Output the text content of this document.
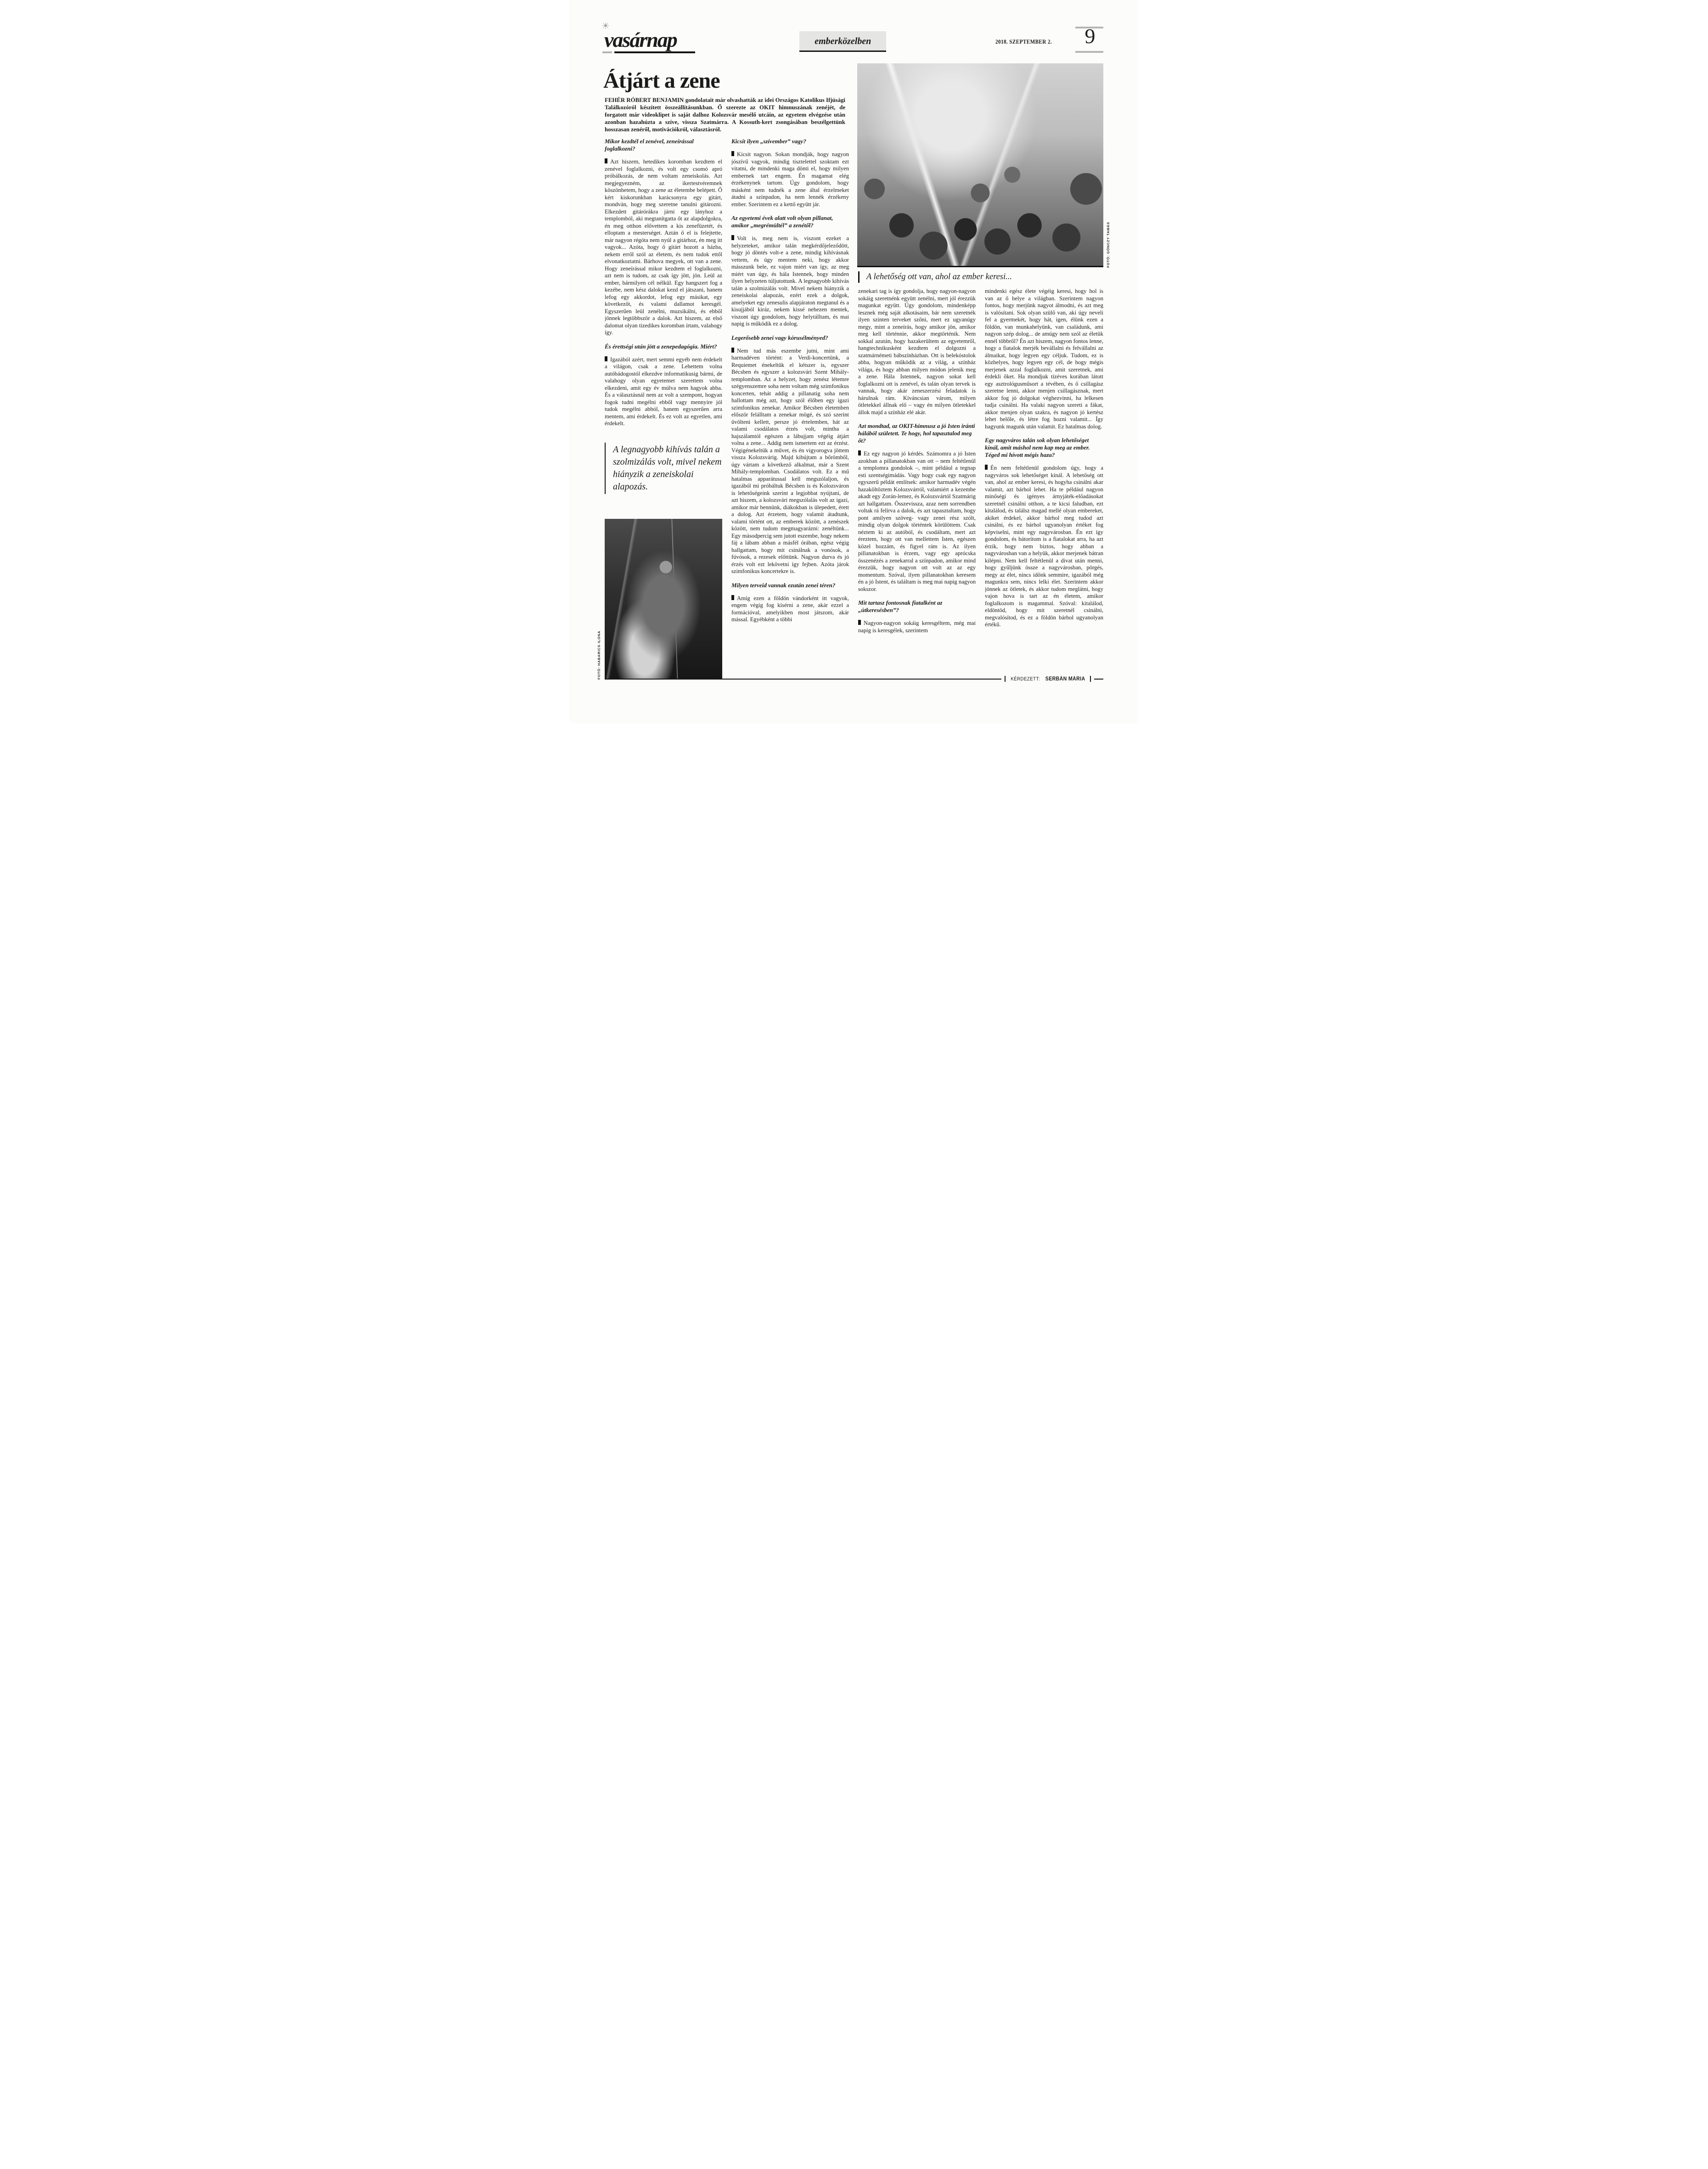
☀
vasárnap	emberközelben	2018. SZEPTEMBER 2.	9
Átjárt a zene

FEHÉR RÓBERT BENJAMIN gondolatait már olvashatták az idei Országos Katolikus Ifjúsági Találkozóról készített összeállításunkban. Ő szerezte az OKIT himnuszának zenéjét, de forgatott már videoklipet is saját dalhoz Kolozsvár mesélő utcáin, az egyetem elvégzése után azonban hazahúzta a szíve, vissza Szatmárra. A Kossuth-kert zsongásában beszélgettünk hosszasan zenéről, motivációkról, választásról.

FOTÓ: GÖNCZY TAMÁS
A lehetőség ott van, ahol az ember keresi...

Mikor kezdtél el zenével, zeneírással foglalkozni?

Azt hiszem, hetedikes koromban kezdtem el zenével foglalkozni, és volt egy csomó apró próbálkozás, de nem voltam zeneiskolás. Azt megjegyezném, az ikertestvéremnek köszönhetem, hogy a zene az életembe belépett. Ő kért kiskorunkban karácsonyra egy gitárt, mondván, hogy meg szeretne tanulni gitározni. Elkezdett gitárórákra járni egy lányhoz a templomból, aki megtanítgatta őt az alapdolgokra, én meg otthon elővettem a kis zenefüzetét, és elloptam a mesterséget. Aztán ő el is felejtette, már nagyon régóta nem nyúl a gitárhoz, én meg itt vagyok... Azóta, hogy ő gitárt hozott a házba, nekem erről szól az életem, és nem tudok ettől elvonatkoztatni. Bárhova megyek, ott van a zene. Hogy zeneírással mikor kezdtem el foglalkozni, azt nem is tudom, az csak így jött, jön. Leül az ember, bármilyen cél nélkül. Egy hangszert fog a kezébe, nem kész dalokat kezd el játszani, hanem lefog egy akkordot, lefog egy másikat, egy következőt, és valami dallamot keresgél. Egyszerűen leül zenélni, muzsikálni, és ebből jönnek legtöbbször a dalok. Azt hiszem, az első dalomat olyan tizedikes koromban írtam, valahogy így.

És érettségi után jött a zenepedagógia. Miért?

Igazából azért, mert semmi egyéb nem érdekelt a világon, csak a zene. Lehettem volna autóbádogostól elkezdve informatikusig bármi, de valahogy olyan egyetemet szerettem volna elkezdeni, amit egy év múlva nem hagyok abba. És a választásnál nem az volt a szempont, hogyan fogok tudni megélni ebből vagy mennyire jól tudok megélni abból, hanem egyszerűen arra mentem, ami érdekelt. És ez volt az egyetlen, ami érdekelt.

A legnagyobb kihívás talán a szolmizálás volt, mivel nekem hiányzik a zeneiskolai alapozás.
FOTÓ: HABARICS ILONA

Kicsit ilyen „szívember” vagy?

Kicsit nagyon. Sokan mondják, hogy nagyon jószívű vagyok, mindig tisztelettel szoktam ezt vitatni, de mindenki maga dönti el, hogy milyen embernek tart engem. Én magamat elég érzékenynek tartom. Úgy gondolom, hogy másként nem tudnék a zene által érzelmeket átadni a színpadon, ha nem lennék érzékeny ember. Szerintem ez a kettő együtt jár.

Az egyetemi évek alatt volt olyan pillanat, amikor „megrémültél” a zenétől?

Volt is, meg nem is, viszont ezeket a helyzeteket, amikor talán megkérdőjeleződött, hogy jó döntés volt-e a zene, mindig kihívásnak vettem, és úgy mentem neki, hogy akkor másszunk bele, ez vajon miért van így, az meg miért van úgy, és hála Istennek, hogy minden ilyen helyzeten túljutottunk. A legnagyobb kihívás talán a szolmizálás volt. Mivel nekem hiányzik a zeneiskolai alapozás, ezért ezek a dolgok, amelyeket egy zenesulis alapjáraton megtanul és a kisujjából kiráz, nekem kissé nehezen mentek, viszont úgy gondolom, hogy helytálltam, és mai napig is működik ez a dolog.

Legerősebb zenei vagy kórusélményed?

Nem tud más eszembe jutni, mint ami harmadéven történt: a Verdi-koncertünk, a Requiemet énekeltük el kétszer is, egyszer Bécsben és egyszer a kolozsvári Szent Mihály-templomban. Az a helyzet, hogy zenész létemre szégyenszemre soha nem voltam még szimfonikus koncerten, tehát addig a pillanatig soha nem hallottam még azt, hogy szól élőben egy igazi szimfonikus zenekar. Amikor Bécsben életemben először felálltam a zenekar mögé, és szó szerint üvölteni kellett, persze jó értelemben, hát az valami csodálatos érzés volt, mintha a hajszálamtól egészen a lábujjam végéig átjárt volna a zene... Addig nem ismertem ezt az érzést. Végigénekeltük a művet, és én vigyorogva jöttem vissza Kolozsvárig. Majd kibújtam a bőrömből, úgy vártam a következő alkalmat, már a Szent Mihály-templomban. Csodálatos volt. Ez a mű hatalmas apparátussal kell megszólaljon, és igazából mi próbáltuk Bécsben is és Kolozsváron is lehetőségeink szerint a legjobbat nyújtani, de azt hiszem, a kolozsvári megszólalás volt az igazi, amikor már bennünk, diákokban is ülepedett, érett a dolog. Azt érzetem, hogy valamit átadtunk, valami történt ott, az emberek között, a zenészek között, nem tudom megmagyarázni: zenéltünk... Egy másodpercig sem jutott eszembe, hogy nekem fáj a lábam abban a másfél órában, egész végig hallgattam, hogy mit csinálnak a vonósok, a fúvósok, a rezesek előttünk. Nagyon durva és jó érzés volt ezt lekövetni így fejben. Azóta járok szimfonikus koncertekre is.

Milyen terveid vannak ezután zenei téren?

Amíg ezen a földön vándorként itt vagyok, engem végig fog kísérni a zene, akár ezzel a formációval, amelyikben most játszom, akár mással. Egyébként a többi

zenekari tag is így gondolja, hogy nagyon-nagyon sokáig szeretnénk együtt zenélni, mert jól érezzük magunkat együtt. Úgy gondolom, mindenképp lesznek még saját alkotásaim, bár nem szeretnék ilyen szinten terveket szőni, mert ez ugyanúgy megy, mint a zeneírás, hogy amikor jön, amikor meg kell történnie, akkor megtörténik. Nem sokkal azután, hogy hazakerültem az egyetemről, hangtechnikusként kezdtem el dolgozni a szatmárnémeti bábszínházban. Ott is belekóstolok abba, hogyan működik az a világ, a színház világa, és hogy abban milyen módon jelenik meg a zene. Hála Istennek, nagyon sokat kell foglalkozni ott is zenével, és talán olyan tervek is vannak, hogy akár zeneszerzési feladatok is hárulnak rám. Kíváncsian várom, milyen ötletekkel állnak elő – vagy én milyen ötletekkel állok majd a színház elé akár.

Azt mondtad, az OKIT-himnusz a jó Isten iránti hálából született. Te hogy, hol tapasztalod meg őt?

Ez egy nagyon jó kérdés. Számomra a jó Isten azokban a pillanatokban van ott – nem feltétlenül a templomra gondolok –, mint például a tegnap esti szentségimádás. Vagy hogy csak egy nagyon egyszerű példát említsek: amikor harmadév végén hazaköltöztem Kolozsvárról, valamiért a kezembe akadt egy Zorán-lemez, és Kolozsvártól Szatmárig azt hallgattam. Összevissza, azaz nem sorrendben voltak rá felírva a dalok, és azt tapasztaltam, hogy pont amilyen szöveg- vagy zenei rész szólt, mindig olyan dolgok történtek körülöttem. Csak néztem ki az autóból, és csodáltam, mert azt éreztem, hogy ott van mellettem Isten, egészen közel hozzám, és figyel rám is. Az ilyen pillanatokban is érzem, vagy egy aprócska összenézés a zenekarral a színpadon, amikor mind érezzük, hogy nagyon ott volt az az egy momentum. Szóval, ilyen pillanatokban keresem én a jó Istent, és találtam is meg mai napig nagyon sokszor.

Mit tartasz fontosnak fiatalként az „útkeresésben”?

Nagyon-nagyon sokáig keresgéltem, még mai napig is keresgélek, szerintem

mindenki egész élete végéig keresi, hogy hol is van az ő helye a világban. Szerintem nagyon fontos, hogy merjünk nagyot álmodni, és azt meg is valósítani. Sok olyan szülő van, aki úgy neveli fel a gyermekét, hogy hát, igen, élünk ezen a földön, van munkahelyünk, van családunk, ami nagyon szép dolog... de amúgy nem szól az életük ennél többről? Én azt hiszem, nagyon fontos lenne, hogy a fiatalok merjék bevállalni és felvállalni az álmaikat, hogy legyen egy céljuk. Tudom, ez is közhelyes, hogy legyen egy cél, de hogy mégis merjenek azzal foglalkozni, amit szeretnek, ami érdekli őket. Ha mondjuk tízéves korában látott egy asztrológusműsort a tévében, és ő csillagász szeretne lenni, akkor menjen csillagásznak, mert akkor fog jó dolgokat véghezvinni, ha lelkesen tudja csinálni. Ha valaki nagyon szereti a fákat, akkor menjen olyan szakra, és nagyon jó kertész lehet belőle, és létre fog hozni valamit... Így hagyunk magunk után valamit. Ez hatalmas dolog.

Egy nagyváros talán sok olyan lehetőséget kínál, amit máshol nem kap meg az ember. Téged mi hívott mégis haza?

Én nem feltétlenül gondolom úgy, hogy a nagyváros sok lehetőséget kínál. A lehetőség ott van, ahol az ember keresi, és hogyha csinálni akar valamit, azt bárhol lehet. Ha te például nagyon minőségi és igényes árnyjáték-előadásokat szeretnél csinálni otthon, a te kicsi faludban, ezt kitalálod, és találsz magad mellé olyan embereket, akiket érdekel, akkor bárhol meg tudod azt csinálni, és ez bárhol ugyanolyan értéket fog képviselni, mint egy nagyvárosban. Én ezt így gondolom, és bátorítom is a fiatalokat arra, ha azt érzik, hogy nem biztos, hogy abban a nagyvárosban van a helyük, akkor merjenek bátran kilépni. Nem kell feltétlenül a divat után menni, hogy gyűljünk össze a nagyvárosban, pörgés, megy az élet, nincs időnk semmire, igazából még magunkra sem, nincs lelki élet. Szerintem akkor jönnek az ötletek, és akkor tudom meglátni, hogy vajon hova is tart az én életem, amikor foglalkozom is magammal. Szóval: kitalálod, eldöntöd, hogy mit szeretnél csinálni, megvalósítod, és ez a földön bárhol ugyanolyan értékű.

KÉRDEZETT: SERBÁN MÁRIA
